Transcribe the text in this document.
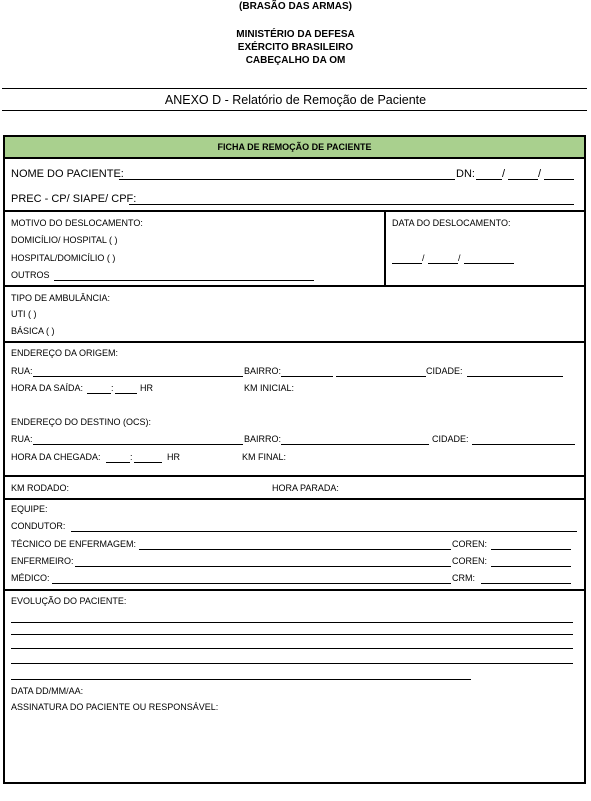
(BRASÃO DAS ARMAS)
MINISTÉRIO DA DEFESA
EXÉRCITO BRASILEIRO
CABEÇALHO DA OM
ANEXO D - Relatório de Remoção de Paciente
FICHA DE REMOÇÃO DE PACIENTE
NOME DO PACIENTE:	DN: /	/
PREC - CP/ SIAPE/ CPF:
MOTIVO DO DESLOCAMENTO:
DOMICÍLIO/ HOSPITAL ( )
HOSPITAL/DOMICÍLIO ( )
OUTROS
DATA DO DESLOCAMENTO:
/	/
TIPO DE AMBULÂNCIA:
UTI ( )
BÁSICA ( )
ENDEREÇO DA ORIGEM:
RUA:	BAIRRO:	CIDADE:
HORA DA SAÍDA:	:	HR	KM INICIAL:
ENDEREÇO DO DESTINO (OCS):
RUA:	BAIRRO:	CIDADE:
HORA DA CHEGADA:	:	HR	KM FINAL:
KM RODADO:	HORA PARADA:
EQUIPE:
CONDUTOR:
TÉCNICO DE ENFERMAGEM:	COREN:
ENFERMEIRO:	COREN:
MÉDICO:	CRM:
EVOLUÇÃO DO PACIENTE:
DATA DD/MM/AA:
ASSINATURA DO PACIENTE OU RESPONSÁVEL:
